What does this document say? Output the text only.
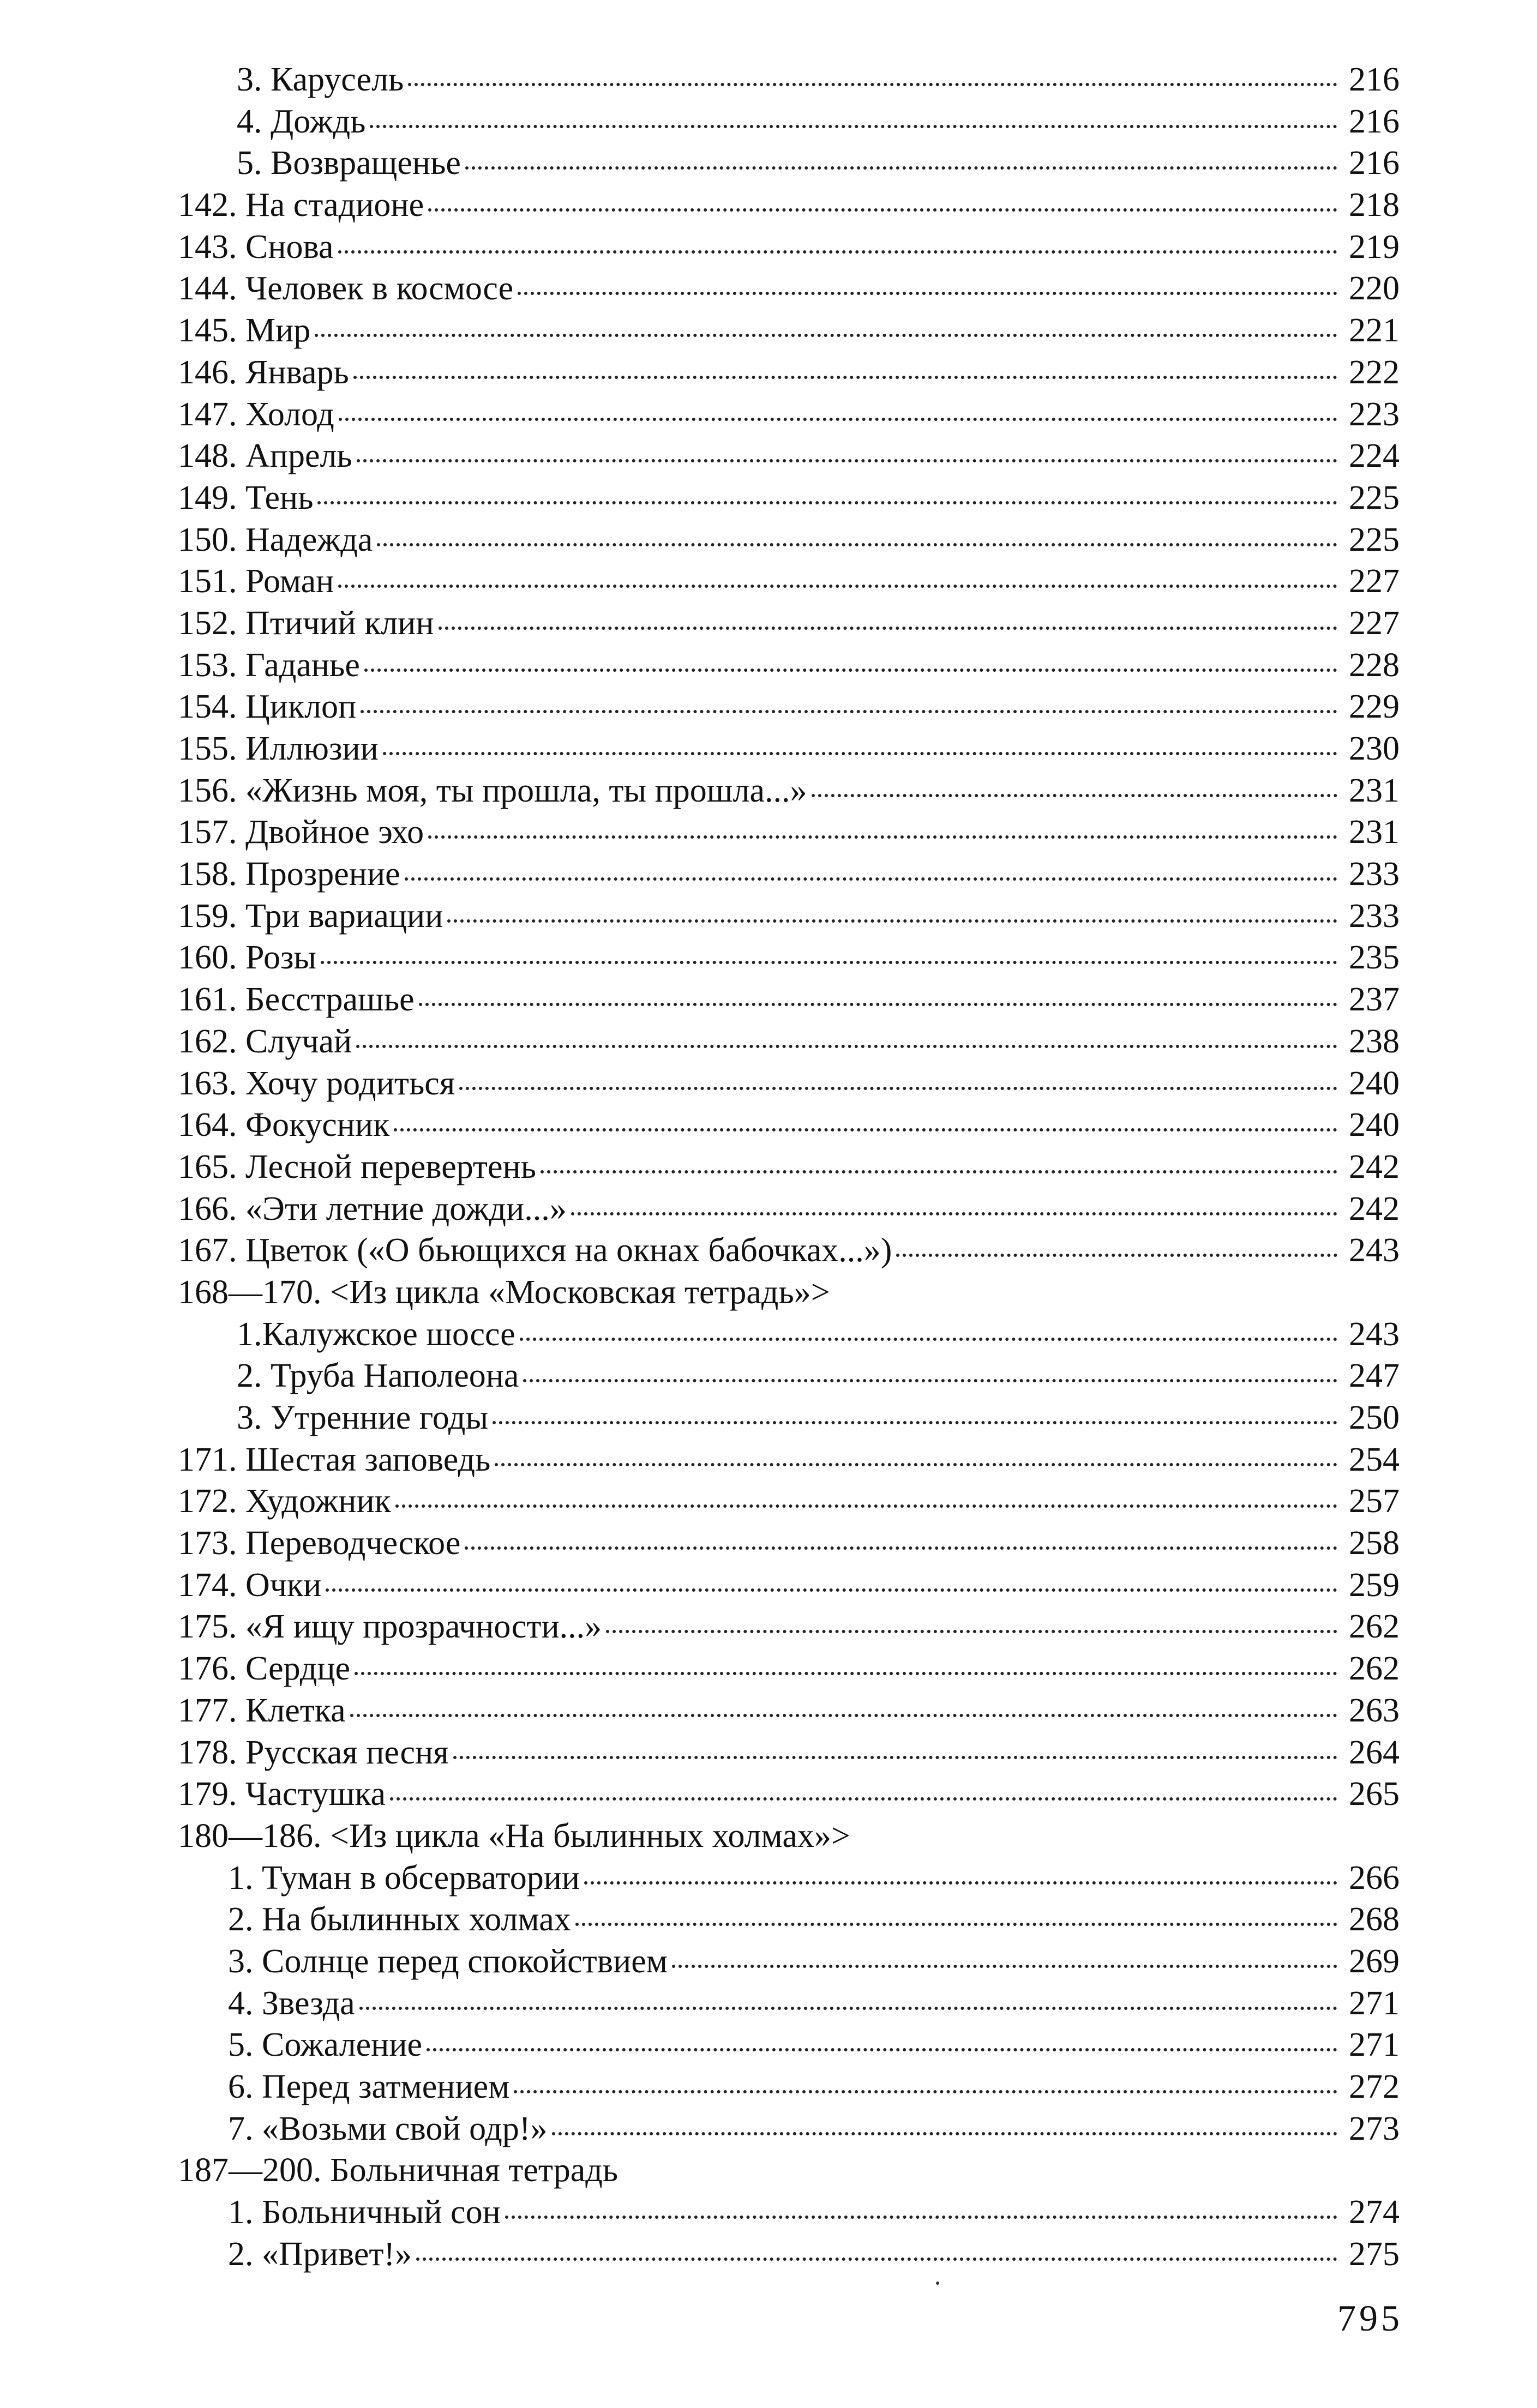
3. Карусель	216
4. Дождь	216
5. Возвращенье	216
142. На стадионе	218
143. Снова	219
144. Человек в космосе	220
145. Мир	221
146. Январь	222
147. Холод	223
148. Апрель	224
149. Тень	225
150. Надежда	225
151. Роман	227
152. Птичий клин	227
153. Гаданье	228
154. Циклоп	229
155. Иллюзии	230
156. «Жизнь моя, ты прошла, ты прошла...»	231
157. Двойное эхо	231
158. Прозрение	233
159. Три вариации	233
160. Розы	235
161. Бесстрашье	237
162. Случай	238
163. Хочу родиться	240
164. Фокусник	240
165. Лесной перевертень	242
166. «Эти летние дожди...»	242
167. Цветок («О бьющихся на окнах бабочках...»)	243
168—170. <Из цикла «Московская тетрадь»>
1.Калужское шоссе	243
2. Труба Наполеона	247
3. Утренние годы	250
171. Шестая заповедь	254
172. Художник	257
173. Переводческое	258
174. Очки	259
175. «Я ищу прозрачности...»	262
176. Сердце	262
177. Клетка	263
178. Русская песня	264
179. Частушка	265
180—186. <Из цикла «На былинных холмах»>
1. Туман в обсерватории	266
2. На былинных холмах	268
3. Солнце перед спокойствием	269
4. Звезда	271
5. Сожаление	271
6. Перед затмением	272
7. «Возьми свой одр!»	273
187—200. Больничная тетрадь
1. Больничный сон	274
2. «Привет!»	275
795
